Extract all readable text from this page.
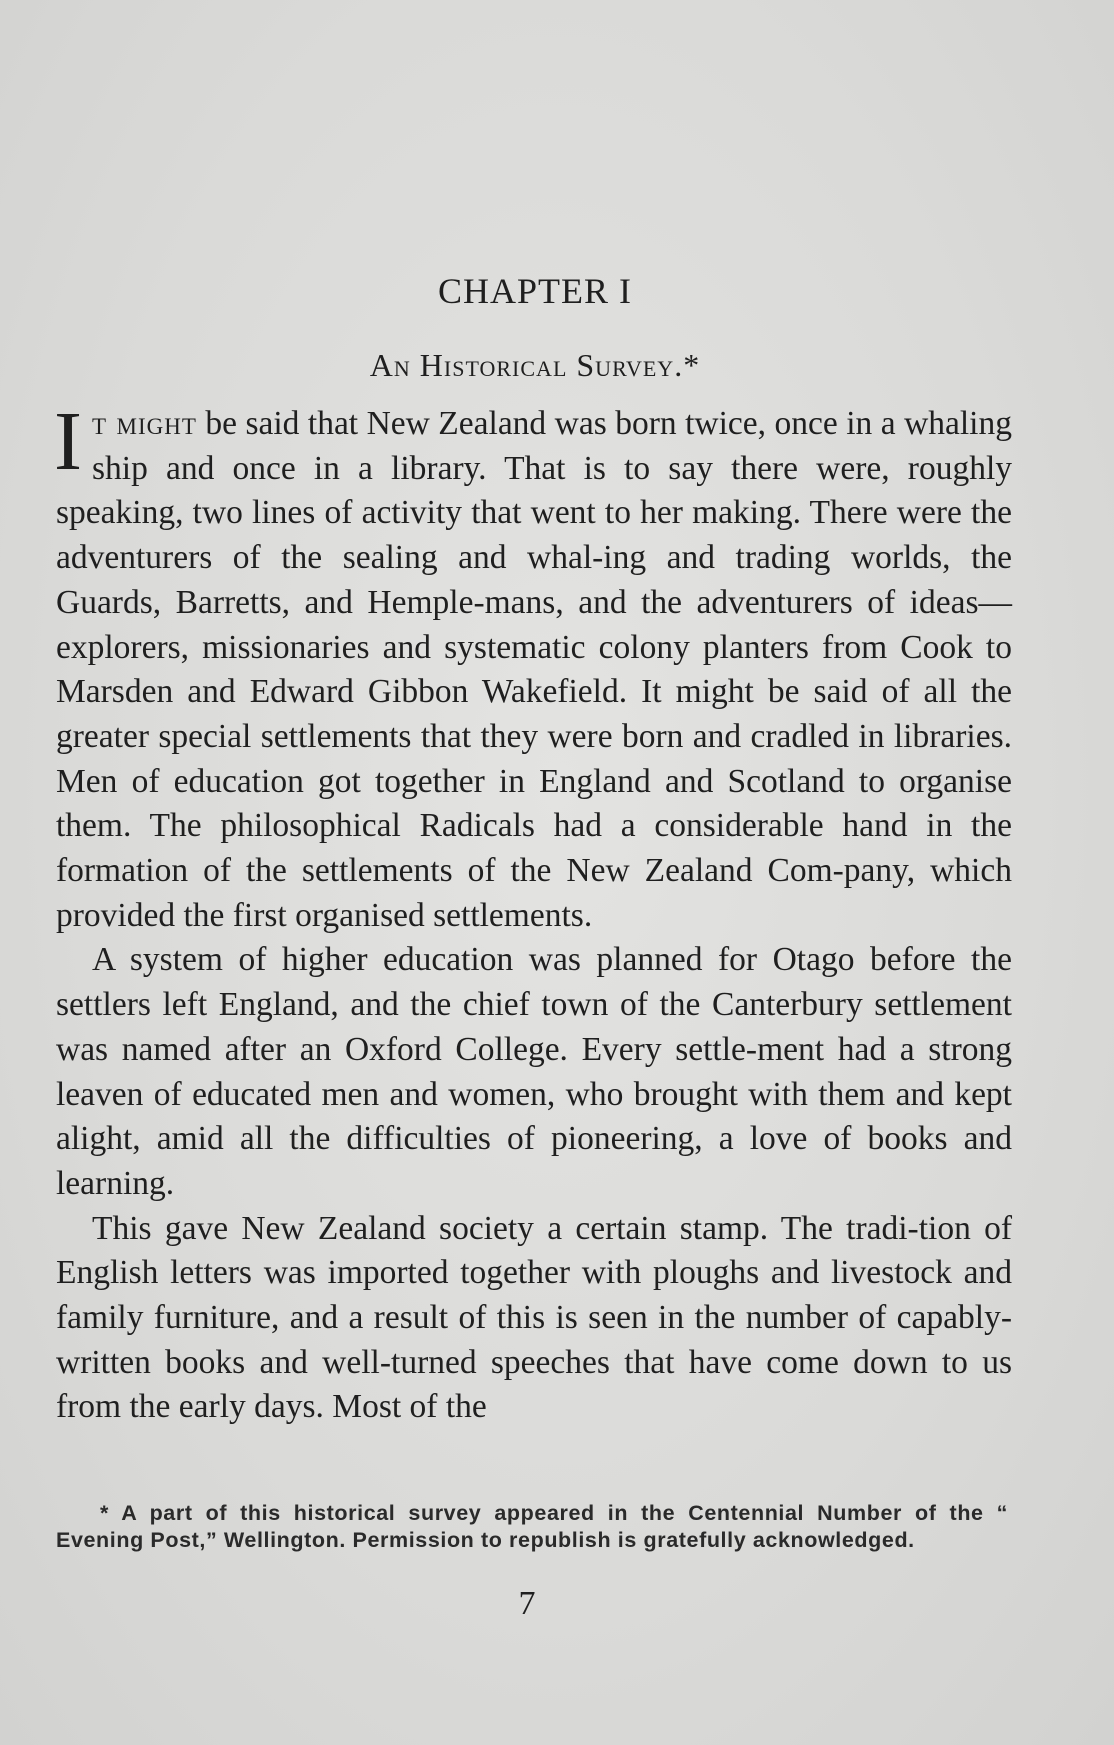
CHAPTER I
An Historical Survey.*

It might be said that New Zealand was born twice, once in a whaling ship and once in a library. That is to say there were, roughly speaking, two lines of activity that went to her making. There were the adventurers of the sealing and whal-ing and trading worlds, the Guards, Barretts, and Hemple-mans, and the adventurers of ideas—explorers, missionaries and systematic colony planters from Cook to Marsden and Edward Gibbon Wakefield. It might be said of all the greater special settlements that they were born and cradled in libraries. Men of education got together in England and Scotland to organise them. The philosophical Radicals had a considerable hand in the formation of the settlements of the New Zealand Com-pany, which provided the first organised settlements.

A system of higher education was planned for Otago before the settlers left England, and the chief town of the Canterbury settlement was named after an Oxford College. Every settle-ment had a strong leaven of educated men and women, who brought with them and kept alight, amid all the difficulties of pioneering, a love of books and learning.

This gave New Zealand society a certain stamp. The tradi-tion of English letters was imported together with ploughs and livestock and family furniture, and a result of this is seen in the number of capably-written books and well-turned speeches that have come down to us from the early days. Most of the

* A part of this historical survey appeared in the Centennial Number of the “ Evening Post,” Wellington. Permission to republish is gratefully acknowledged.

7
